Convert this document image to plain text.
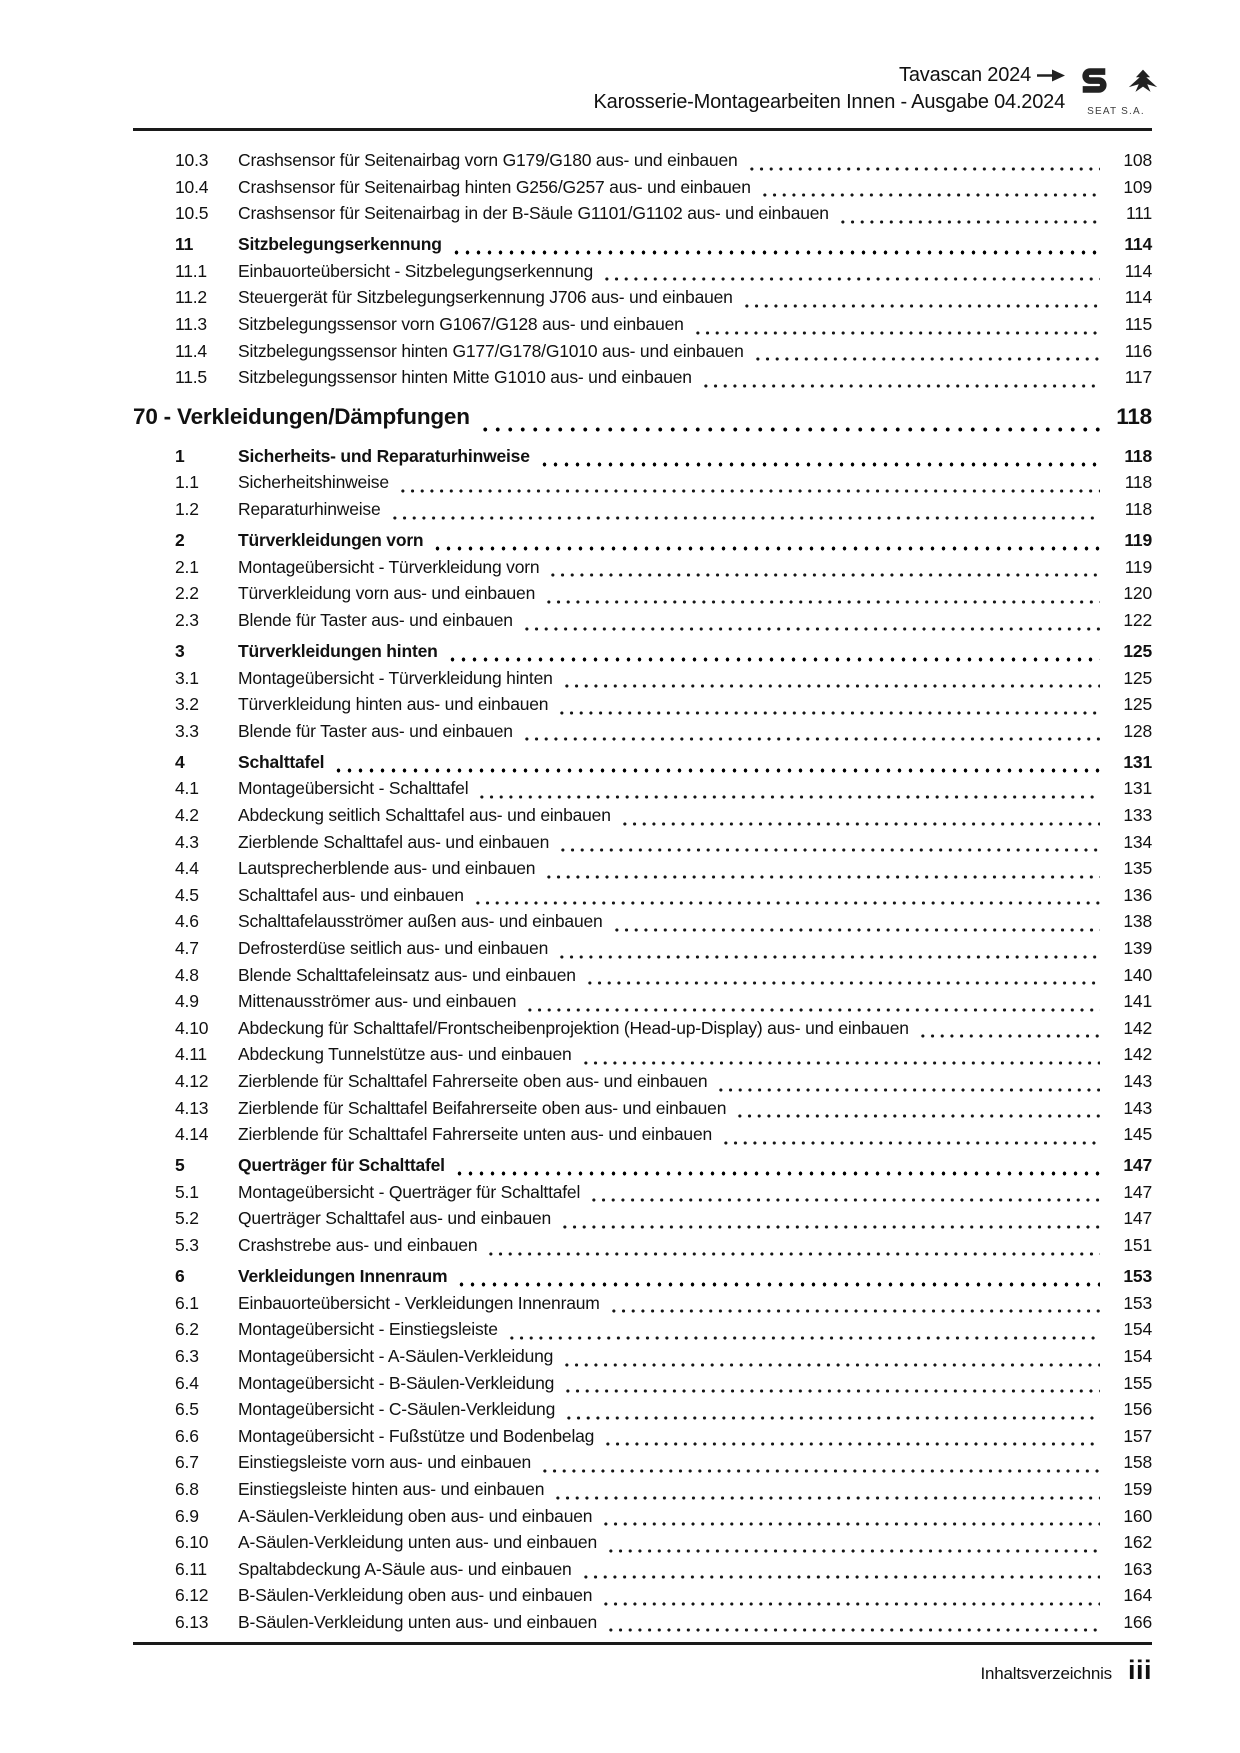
Tavascan 2024
Karosserie-Montagearbeiten Innen - Ausgabe 04.2024	SEAT S.A.
10.3	Crashsensor für Seitenairbag vorn G179/G180 aus- und einbauen	108
10.4	Crashsensor für Seitenairbag hinten G256/G257 aus- und einbauen	109
10.5	Crashsensor für Seitenairbag in der B-Säule G1101/G1102 aus- und einbauen	111
11	Sitzbelegungserkennung	114
11.1	Einbauorteübersicht - Sitzbelegungserkennung	114
11.2	Steuergerät für Sitzbelegungserkennung J706 aus- und einbauen	114
11.3	Sitzbelegungssensor vorn G1067/G128 aus- und einbauen	115
11.4	Sitzbelegungssensor hinten G177/G178/G1010 aus- und einbauen	116
11.5	Sitzbelegungssensor hinten Mitte G1010 aus- und einbauen	117
70 - Verkleidungen/Dämpfungen	118
1	Sicherheits- und Reparaturhinweise	118
1.1	Sicherheitshinweise	118
1.2	Reparaturhinweise	118
2	Türverkleidungen vorn	119
2.1	Montageübersicht - Türverkleidung vorn	119
2.2	Türverkleidung vorn aus- und einbauen	120
2.3	Blende für Taster aus- und einbauen	122
3	Türverkleidungen hinten	125
3.1	Montageübersicht - Türverkleidung hinten	125
3.2	Türverkleidung hinten aus- und einbauen	125
3.3	Blende für Taster aus- und einbauen	128
4	Schalttafel	131
4.1	Montageübersicht - Schalttafel	131
4.2	Abdeckung seitlich Schalttafel aus- und einbauen	133
4.3	Zierblende Schalttafel aus- und einbauen	134
4.4	Lautsprecherblende aus- und einbauen	135
4.5	Schalttafel aus- und einbauen	136
4.6	Schalttafelausströmer außen aus- und einbauen	138
4.7	Defrosterdüse seitlich aus- und einbauen	139
4.8	Blende Schalttafeleinsatz aus- und einbauen	140
4.9	Mittenausströmer aus- und einbauen	141
4.10	Abdeckung für Schalttafel/Frontscheibenprojektion (Head-up-Display) aus- und einbauen	142
4.11	Abdeckung Tunnelstütze aus- und einbauen	142
4.12	Zierblende für Schalttafel Fahrerseite oben aus- und einbauen	143
4.13	Zierblende für Schalttafel Beifahrerseite oben aus- und einbauen	143
4.14	Zierblende für Schalttafel Fahrerseite unten aus- und einbauen	145
5	Querträger für Schalttafel	147
5.1	Montageübersicht - Querträger für Schalttafel	147
5.2	Querträger Schalttafel aus- und einbauen	147
5.3	Crashstrebe aus- und einbauen	151
6	Verkleidungen Innenraum	153
6.1	Einbauorteübersicht - Verkleidungen Innenraum	153
6.2	Montageübersicht - Einstiegsleiste	154
6.3	Montageübersicht - A-Säulen-Verkleidung	154
6.4	Montageübersicht - B-Säulen-Verkleidung	155
6.5	Montageübersicht - C-Säulen-Verkleidung	156
6.6	Montageübersicht - Fußstütze und Bodenbelag	157
6.7	Einstiegsleiste vorn aus- und einbauen	158
6.8	Einstiegsleiste hinten aus- und einbauen	159
6.9	A-Säulen-Verkleidung oben aus- und einbauen	160
6.10	A-Säulen-Verkleidung unten aus- und einbauen	162
6.11	Spaltabdeckung A-Säule aus- und einbauen	163
6.12	B-Säulen-Verkleidung oben aus- und einbauen	164
6.13	B-Säulen-Verkleidung unten aus- und einbauen	166
Inhaltsverzeichnis iii
